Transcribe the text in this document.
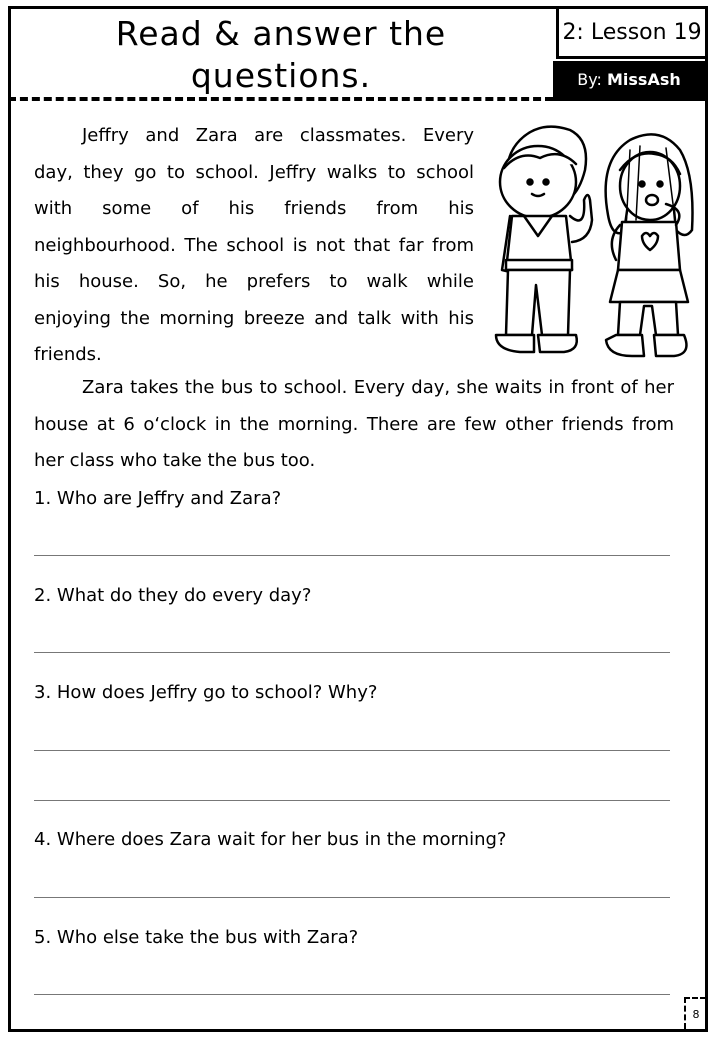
Read & answer the
questions.
2: Lesson 19
By: MissAsh
Jeffry and Zara are classmates. Every
day, they go to school. Jeffry walks to school
with some of his friends from his
neighbourhood. The school is not that far from
his house. So, he prefers to walk while
enjoying the morning breeze and talk with his
friends.
Zara takes the bus to school. Every day, she waits in front of her house at 6 o‘clock in the morning. There are few other friends from her class who take the bus too.
1. Who are Jeffry and Zara?
2. What do they do every day?
3. How does Jeffry go to school? Why?
4. Where does Zara wait for her bus in the morning?
5. Who else take the bus with Zara?
8
